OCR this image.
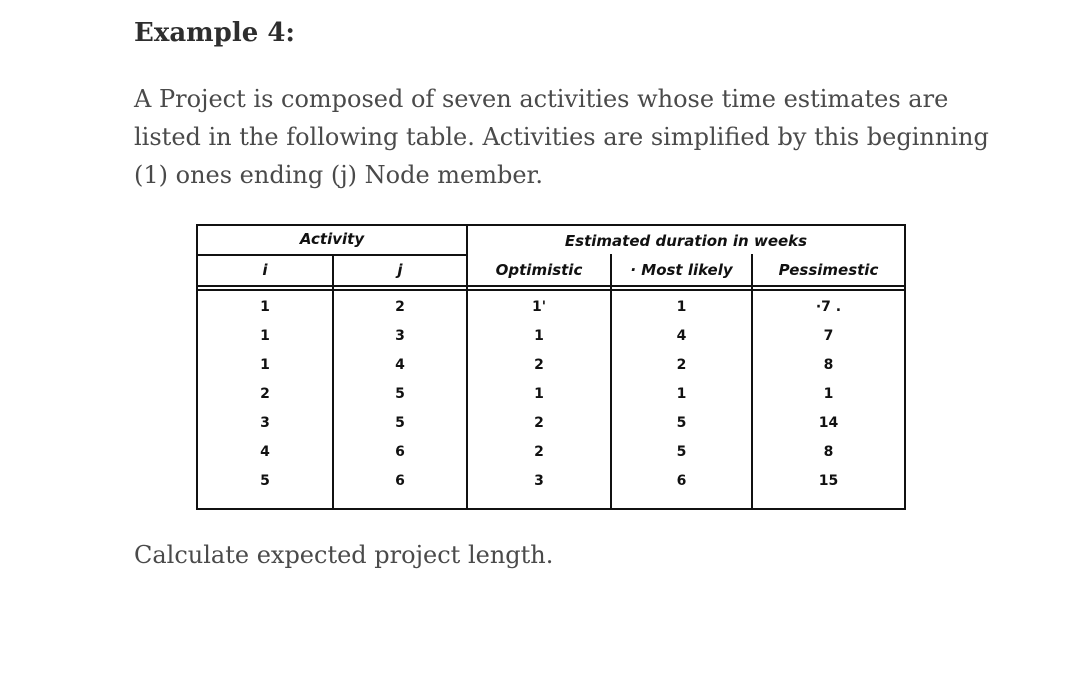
Example 4:

A Project is composed of seven activities whose time estimates are
listed in the following table. Activities are simplified by this beginning
(1) ones ending (j) Node member.

Activity	Estimated duration in weeks
i	j	Optimistic	· Most likely	Pessimestic
1	2	1'	1	·7 .
1	3	1	4	7
1	4	2	2	8
2	5	1	1	1
3	5	2	5	14
4	6	2	5	8
5	6	3	6	15

Calculate expected project length.
